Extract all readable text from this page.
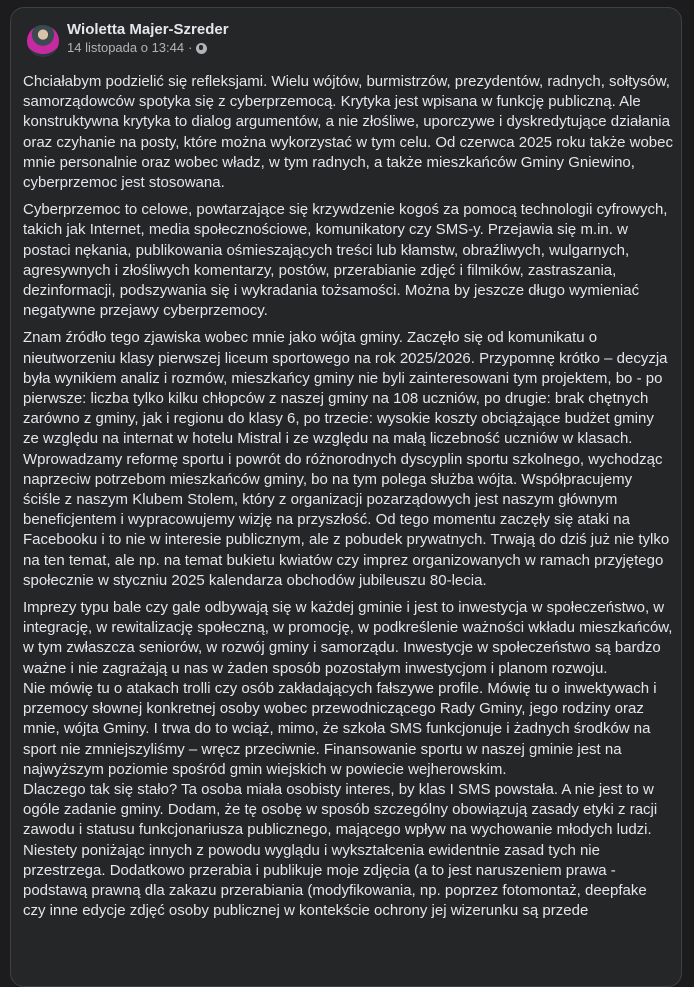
Wioletta Majer-Szreder
14 listopada o 13:44 ·

Chciałabym podzielić się refleksjami. Wielu wójtów, burmistrzów, prezydentów, radnych, sołtysów, samorządowców spotyka się z cyberprzemocą. Krytyka jest wpisana w funkcję publiczną. Ale konstruktywna krytyka to dialog argumentów, a nie złośliwe, uporczywe i dyskredytujące działania oraz czyhanie na posty, które można wykorzystać w tym celu. Od czerwca 2025 roku także wobec mnie personalnie oraz wobec władz, w tym radnych, a także mieszkańców Gminy Gniewino, cyberprzemoc jest stosowana.

Cyberprzemoc to celowe, powtarzające się krzywdzenie kogoś za pomocą technologii cyfrowych, takich jak Internet, media społecznościowe, komunikatory czy SMS-y. Przejawia się m.in. w postaci nękania, publikowania ośmieszających treści lub kłamstw, obraźliwych, wulgarnych, agresywnych i złośliwych komentarzy, postów, przerabianie zdjęć i filmików, zastraszania, dezinformacji, podszywania się i wykradania tożsamości. Można by jeszcze długo wymieniać negatywne przejawy cyberprzemocy.

Znam źródło tego zjawiska wobec mnie jako wójta gminy. Zaczęło się od komunikatu o nieutworzeniu klasy pierwszej liceum sportowego na rok 2025/2026. Przypomnę krótko – decyzja była wynikiem analiz i rozmów, mieszkańcy gminy nie byli zainteresowani tym projektem, bo - po pierwsze: liczba tylko kilku chłopców z naszej gminy na 108 uczniów, po drugie: brak chętnych zarówno z gminy, jak i regionu do klasy 6, po trzecie: wysokie koszty obciążające budżet gminy ze względu na internat w hotelu Mistral i ze względu na małą liczebność uczniów w klasach. Wprowadzamy reformę sportu i powrót do różnorodnych dyscyplin sportu szkolnego, wychodząc naprzeciw potrzebom mieszkańców gminy, bo na tym polega służba wójta. Współpracujemy ściśle z naszym Klubem Stolem, który z organizacji pozarządowych jest naszym głównym beneficjentem i wypracowujemy wizję na przyszłość. Od tego momentu zaczęły się ataki na Facebooku i to nie w interesie publicznym, ale z pobudek prywatnych. Trwają do dziś już nie tylko na ten temat, ale np. na temat bukietu kwiatów czy imprez organizowanych w ramach przyjętego społecznie w styczniu 2025 kalendarza obchodów jubileuszu 80-lecia.

Imprezy typu bale czy gale odbywają się w każdej gminie i jest to inwestycja w społeczeństwo, w integrację, w rewitalizację społeczną, w promocję, w podkreślenie ważności wkładu mieszkańców, w tym zwłaszcza seniorów, w rozwój gminy i samorządu. Inwestycje w społeczeństwo są bardzo ważne i nie zagrażają u nas w żaden sposób pozostałym inwestycjom i planom rozwoju.

Nie mówię tu o atakach trolli czy osób zakładających fałszywe profile. Mówię tu o inwektywach i przemocy słownej konkretnej osoby wobec przewodniczącego Rady Gminy, jego rodziny oraz mnie, wójta Gminy. I trwa do to wciąż, mimo, że szkoła SMS funkcjonuje i żadnych środków na sport nie zmniejszyliśmy – wręcz przeciwnie. Finansowanie sportu w naszej gminie jest na najwyższym poziomie spośród gmin wiejskich w powiecie wejherowskim.

Dlaczego tak się stało? Ta osoba miała osobisty interes, by klas I SMS powstała. A nie jest to w ogóle zadanie gminy. Dodam, że tę osobę w sposób szczególny obowiązują zasady etyki z racji zawodu i statusu funkcjonariusza publicznego, mającego wpływ na wychowanie młodych ludzi. Niestety poniżając innych z powodu wyglądu i wykształcenia ewidentnie zasad tych nie przestrzega. Dodatkowo przerabia i publikuje moje zdjęcia (a to jest naruszeniem prawa - podstawą prawną dla zakazu przerabiania (modyfikowania, np. poprzez fotomontaż, deepfake czy inne edycje zdjęć osoby publicznej w kontekście ochrony jej wizerunku są przede
